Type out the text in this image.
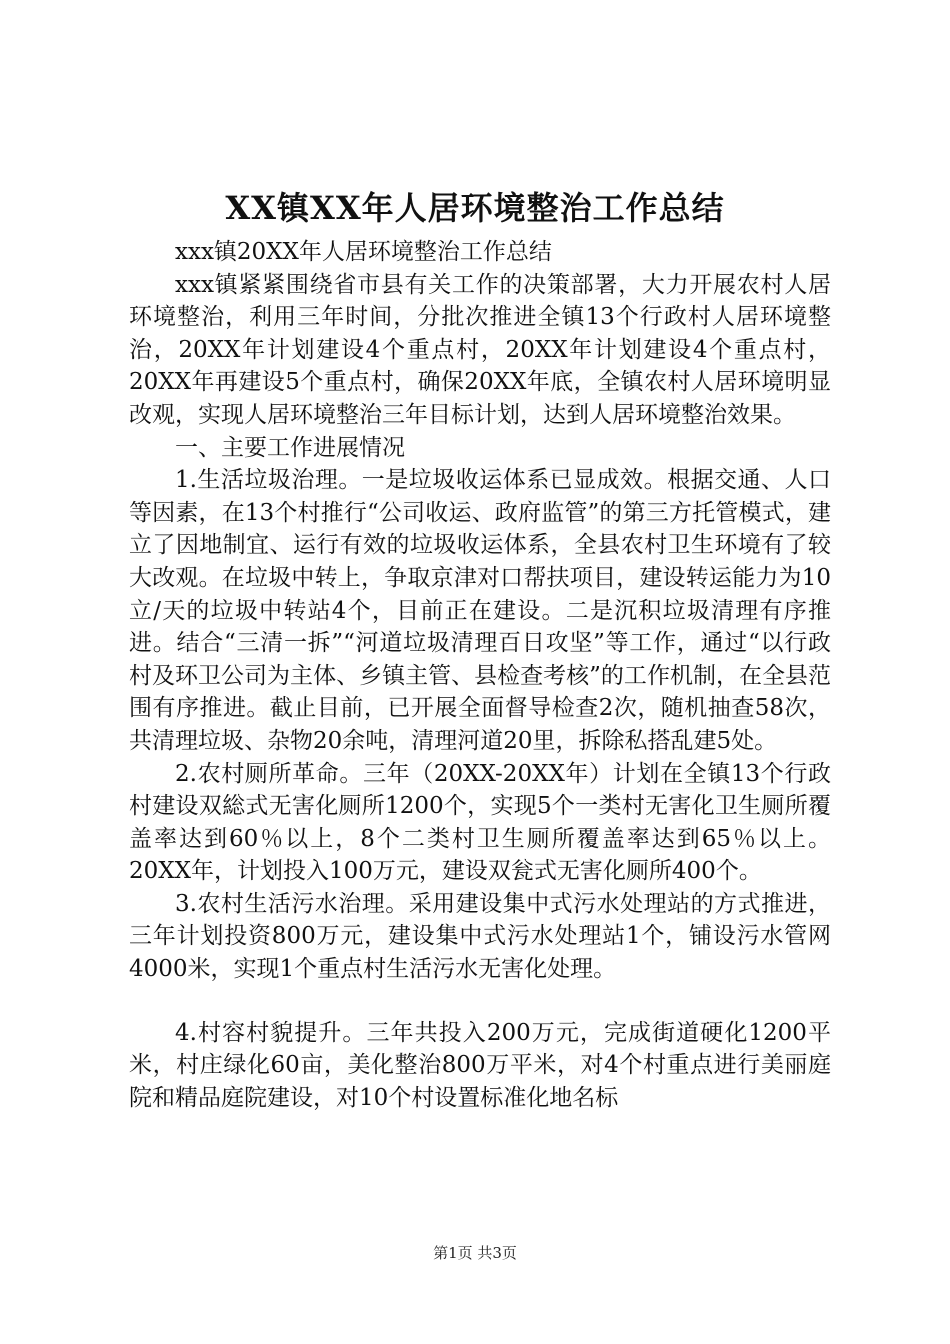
XX镇XX年人居环境整治工作总结

xxx镇20XX年人居环境整治工作总结

xxx镇紧紧围绕省市县有关工作的决策部署，大力开展农村人居环境整治，利用三年时间，分批次推进全镇13个行政村人居环境整治，20XX年计划建设4个重点村，20XX年计划建设4个重点村，20XX年再建设5个重点村，确保20XX年底，全镇农村人居环境明显改观，实现人居环境整治三年目标计划，达到人居环境整治效果。

一、主要工作进展情况

1.生活垃圾治理。一是垃圾收运体系已显成效。根据交通、人口等因素，在13个村推行“公司收运、政府监管”的第三方托管模式，建立了因地制宜、运行有效的垃圾收运体系，全县农村卫生环境有了较大改观。在垃圾中转上，争取京津对口帮扶项目，建设转运能力为10立/天的垃圾中转站4个，目前正在建设。二是沉积垃圾清理有序推进。结合“三清一拆”“河道垃圾清理百日攻坚”等工作，通过“以行政村及环卫公司为主体、乡镇主管、县检查考核”的工作机制，在全县范围有序推进。截止目前，已开展全面督导检查2次，随机抽查58次，共清理垃圾、杂物20余吨，清理河道20里，拆除私搭乱建5处。

2.农村厕所革命。三年（20XX-20XX年）计划在全镇13个行政村建设双総式无害化厕所1200个，实现5个一类村无害化卫生厕所覆盖率达到60％以上，8个二类村卫生厕所覆盖率达到65％以上。20XX年，计划投入100万元，建设双瓮式无害化厕所400个。

3.农村生活污水治理。采用建设集中式污水处理站的方式推进，三年计划投资800万元，建设集中式污水处理站1个，铺设污水管网4000米，实现1个重点村生活污水无害化处理。

4.村容村貌提升。三年共投入200万元，完成街道硬化1200平米，村庄绿化60亩，美化整治800万平米，对4个村重点进行美丽庭院和精品庭院建设，对10个村设置标准化地名标

第1页 共3页
